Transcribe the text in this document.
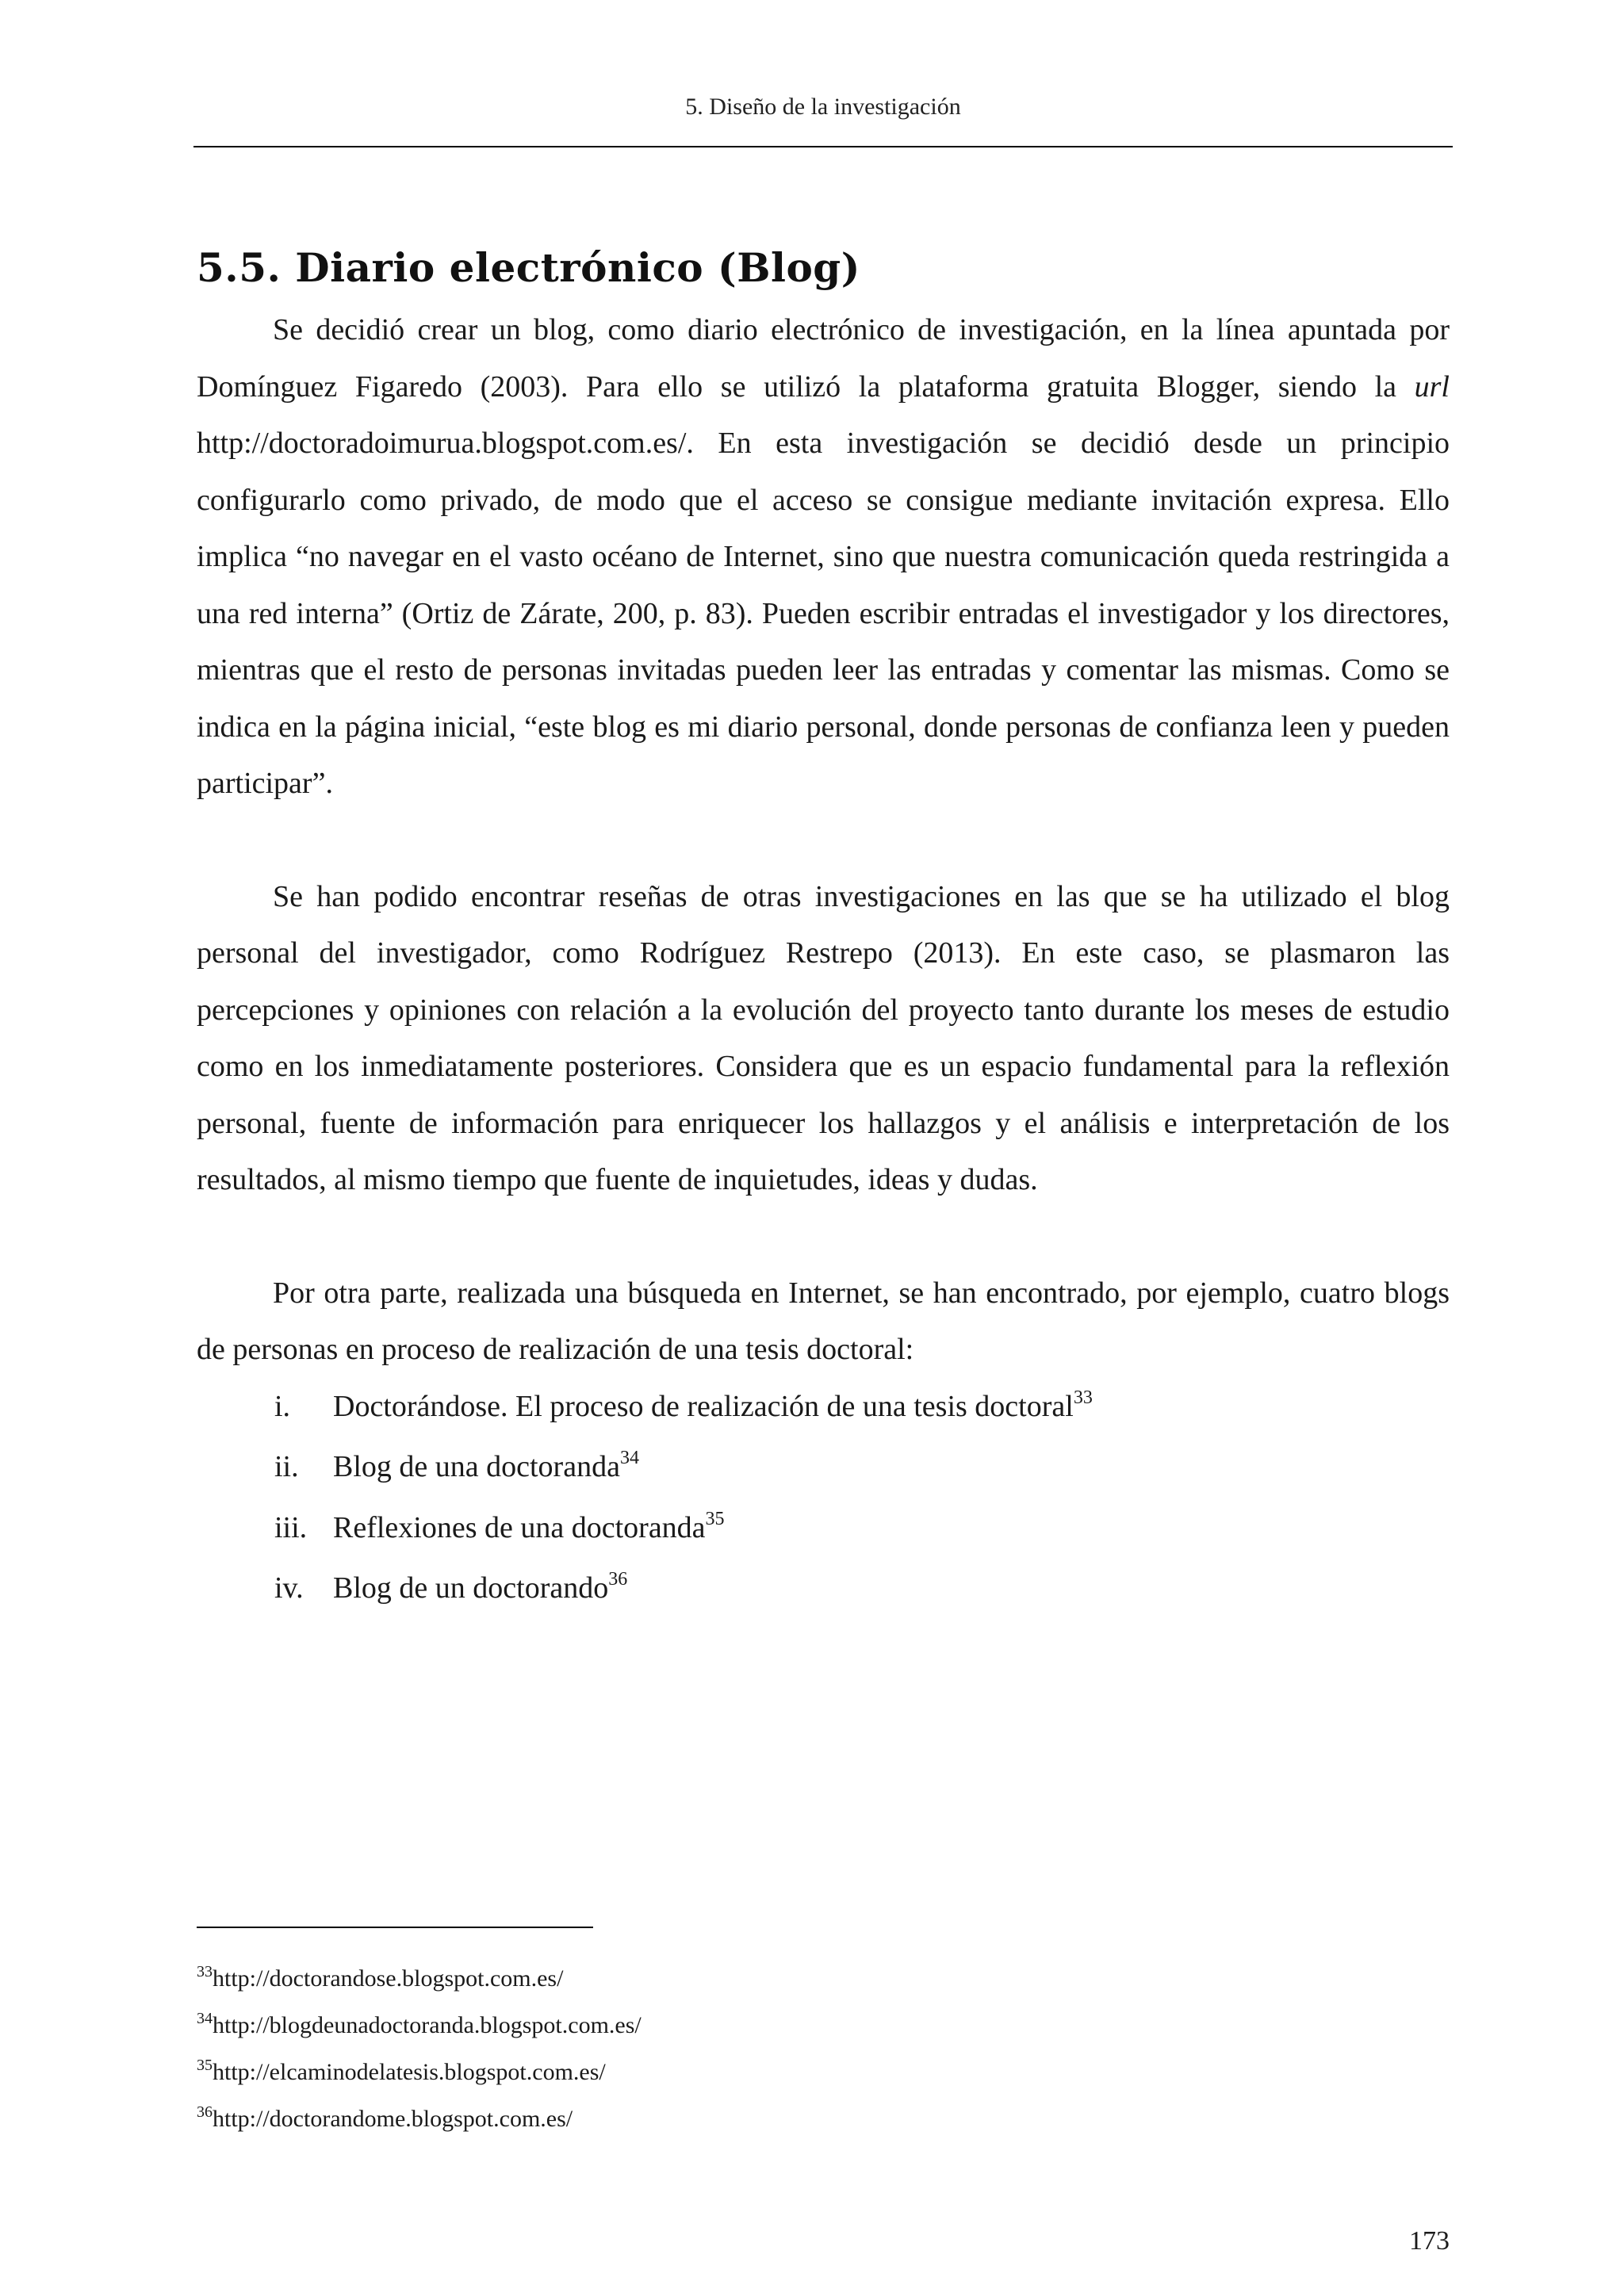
5. Diseño de la investigación
5.5. Diario electrónico (Blog)

Se decidió crear un blog, como diario electrónico de investigación, en la línea apuntada por Domínguez Figaredo (2003). Para ello se utilizó la plataforma gratuita Blogger, siendo la url http://doctoradoimurua.blogspot.com.es/. En esta investigación se decidió desde un principio configurarlo como privado, de modo que el acceso se consigue mediante invitación expresa. Ello implica “no navegar en el vasto océano de Internet, sino que nuestra comunicación queda restringida a una red interna” (Ortiz de Zárate, 200, p. 83). Pueden escribir entradas el investigador y los directores, mientras que el resto de personas invitadas pueden leer las entradas y comentar las mismas. Como se indica en la página inicial, “este blog es mi diario personal, donde personas de confianza leen y pueden participar”.

Se han podido encontrar reseñas de otras investigaciones en las que se ha utilizado el blog personal del investigador, como Rodríguez Restrepo (2013). En este caso, se plasmaron las percepciones y opiniones con relación a la evolución del proyecto tanto durante los meses de estudio como en los inmediatamente posteriores. Considera que es un espacio fundamental para la reflexión personal, fuente de información para enriquecer los hallazgos y el análisis e interpretación de los resultados, al mismo tiempo que fuente de inquietudes, ideas y dudas.

Por otra parte, realizada una búsqueda en Internet, se han encontrado, por ejemplo, cuatro blogs de personas en proceso de realización de una tesis doctoral:

i. Doctorándose. El proceso de realización de una tesis doctoral$^{33}$
ii. Blog de una doctoranda$^{34}$
iii. Reflexiones de una doctoranda$^{35}$
iv. Blog de un doctorando$^{36}$

$^{33}$http://doctorandose.blogspot.com.es/

$^{34}$http://blogdeunadoctoranda.blogspot.com.es/

$^{35}$http://elcaminodelatesis.blogspot.com.es/

$^{36}$http://doctorandome.blogspot.com.es/

173
